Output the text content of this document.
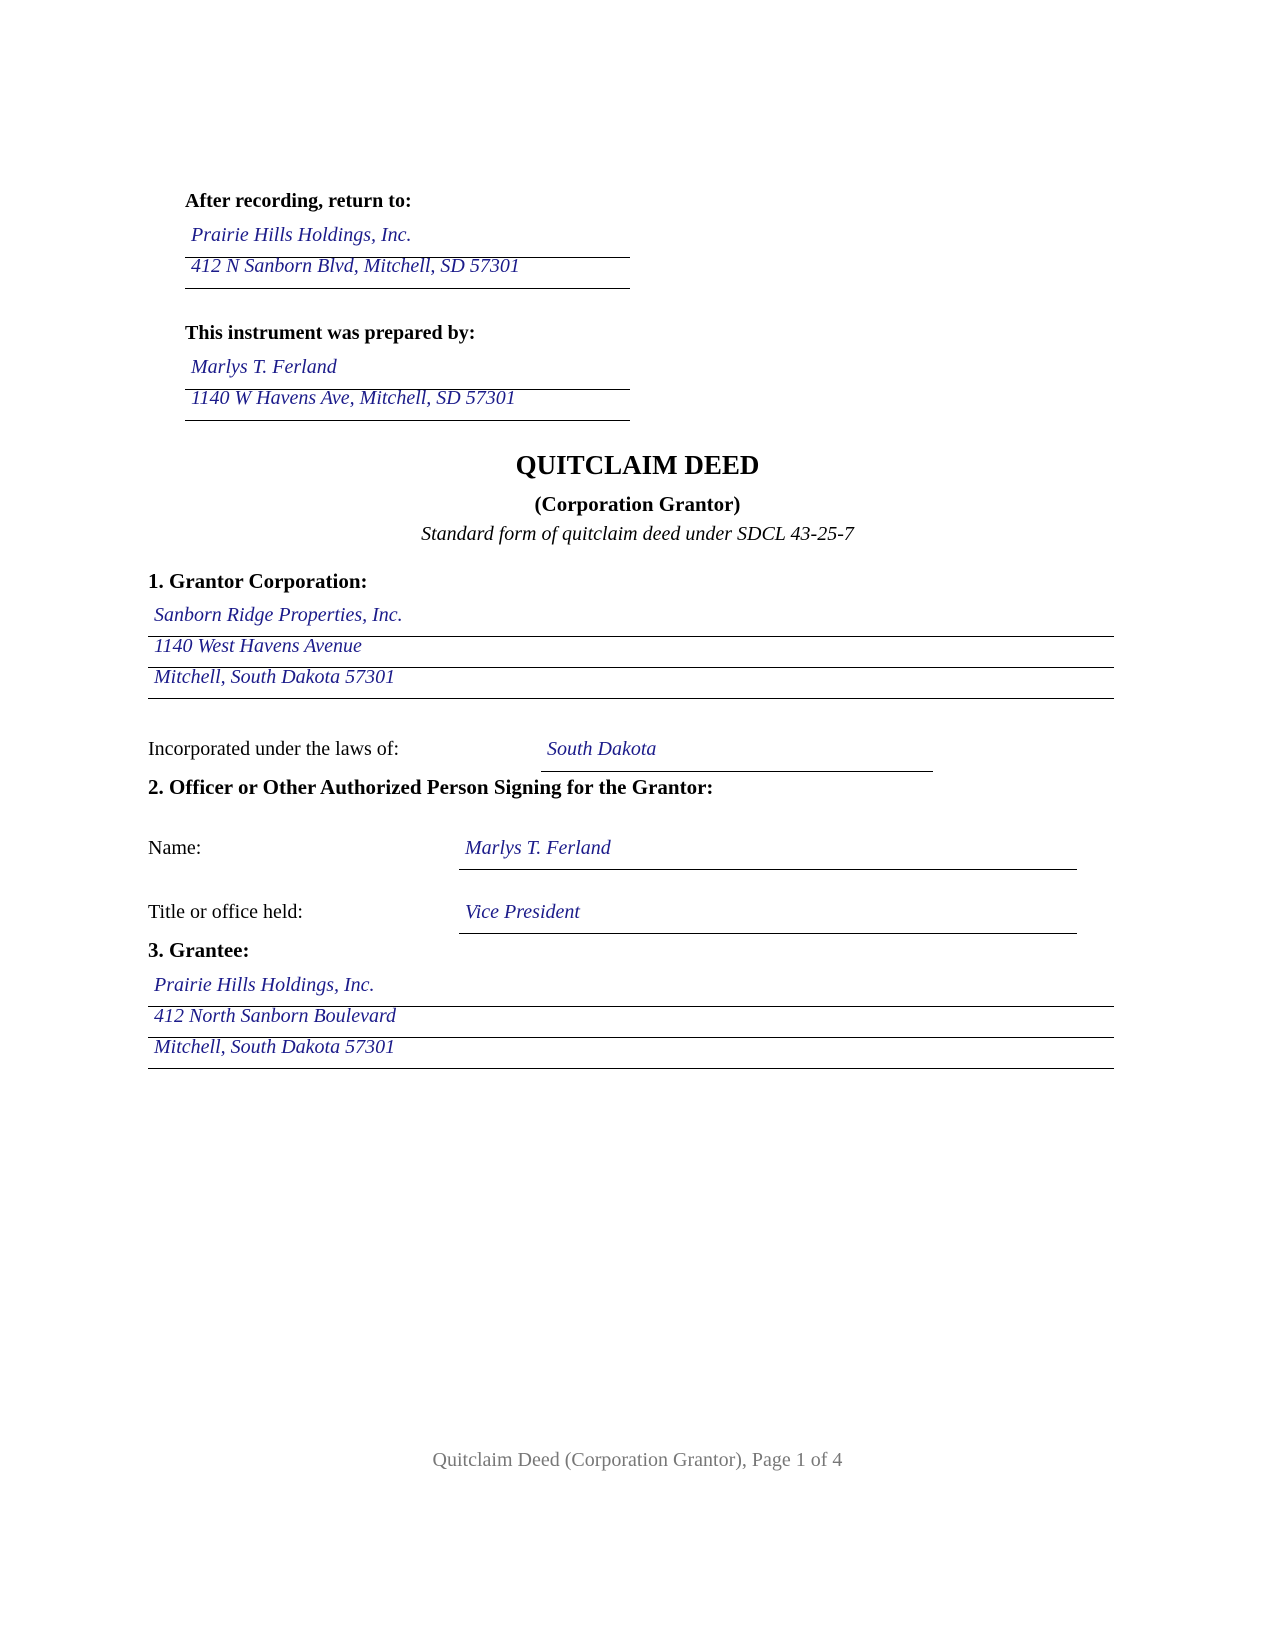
After recording, return to:
Prairie Hills Holdings, Inc.
412 N Sanborn Blvd, Mitchell, SD 57301
This instrument was prepared by:
Marlys T. Ferland
1140 W Havens Ave, Mitchell, SD 57301
QUITCLAIM DEED
(Corporation Grantor)
Standard form of quitclaim deed under SDCL 43-25-7
1. Grantor Corporation:
Sanborn Ridge Properties, Inc.
1140 West Havens Avenue
Mitchell, South Dakota 57301
Incorporated under the laws of:	South Dakota
2. Officer or Other Authorized Person Signing for the Grantor:
Name:	Marlys T. Ferland
Title or office held:	Vice President
3. Grantee:
Prairie Hills Holdings, Inc.
412 North Sanborn Boulevard
Mitchell, South Dakota 57301
Quitclaim Deed (Corporation Grantor), Page 1 of 4
